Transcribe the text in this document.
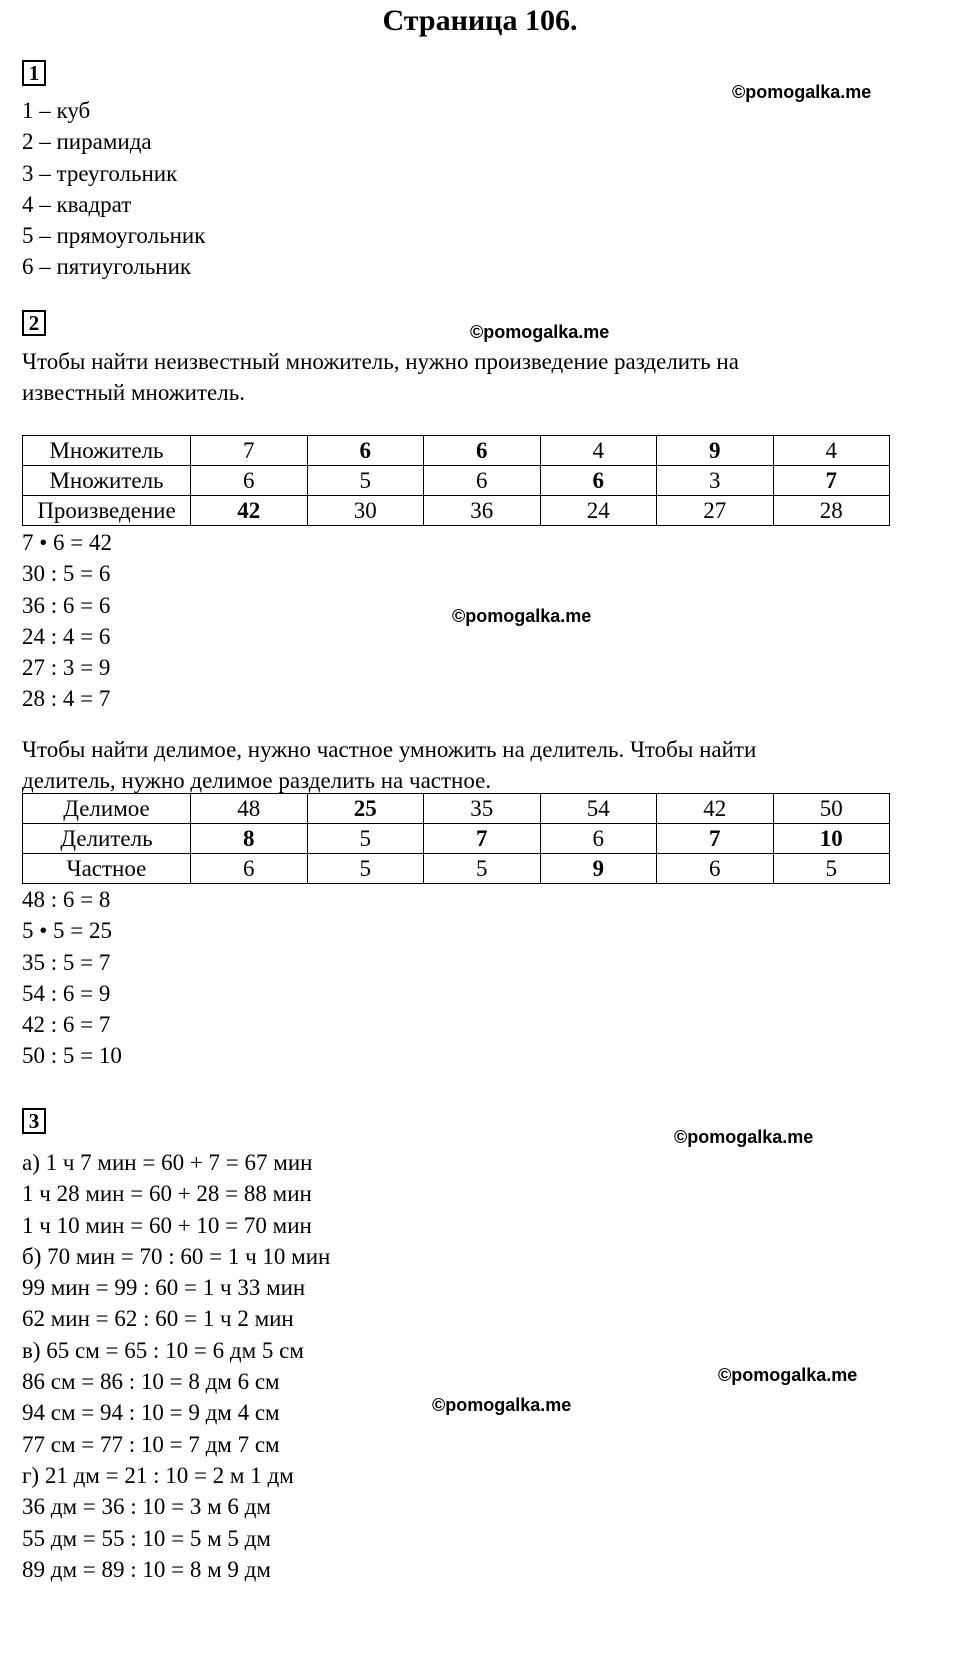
Страница 106.
1
©pomogalka.me
1 – куб
2 – пирамида
3 – треугольник
4 – квадрат
5 – прямоугольник
6 – пятиугольник
2	©pomogalka.me
Чтобы найти неизвестный множитель, нужно произведение разделить на
известный множитель.
Множитель	7	6	6	4	9	4
Множитель	6	5	6	6	3	7
Произведение	42	30	36	24	27	28
7 • 6 = 42
30 : 5 = 6
36 : 6 = 6
24 : 4 = 6
27 : 3 = 9
28 : 4 = 7
©pomogalka.me
Чтобы найти делимое, нужно частное умножить на делитель. Чтобы найти
делитель, нужно делимое разделить на частное.
Делимое	48	25	35	54	42	50
Делитель	8	5	7	6	7	10
Частное	6	5	5	9	6	5
48 : 6 = 8
5 • 5 = 25
35 : 5 = 7
54 : 6 = 9
42 : 6 = 7
50 : 5 = 10
3
©pomogalka.me
а) 1 ч 7 мин = 60 + 7 = 67 мин
1 ч 28 мин = 60 + 28 = 88 мин
1 ч 10 мин = 60 + 10 = 70 мин
б) 70 мин = 70 : 60 = 1 ч 10 мин
99 мин = 99 : 60 = 1 ч 33 мин
62 мин = 62 : 60 = 1 ч 2 мин
в) 65 см = 65 : 10 = 6 дм 5 см
86 см = 86 : 10 = 8 дм 6 см
94 см = 94 : 10 = 9 дм 4 см
77 см = 77 : 10 = 7 дм 7 см
г) 21 дм = 21 : 10 = 2 м 1 дм
36 дм = 36 : 10 = 3 м 6 дм
55 дм = 55 : 10 = 5 м 5 дм
89 дм = 89 : 10 = 8 м 9 дм
©pomogalka.me
©pomogalka.me
